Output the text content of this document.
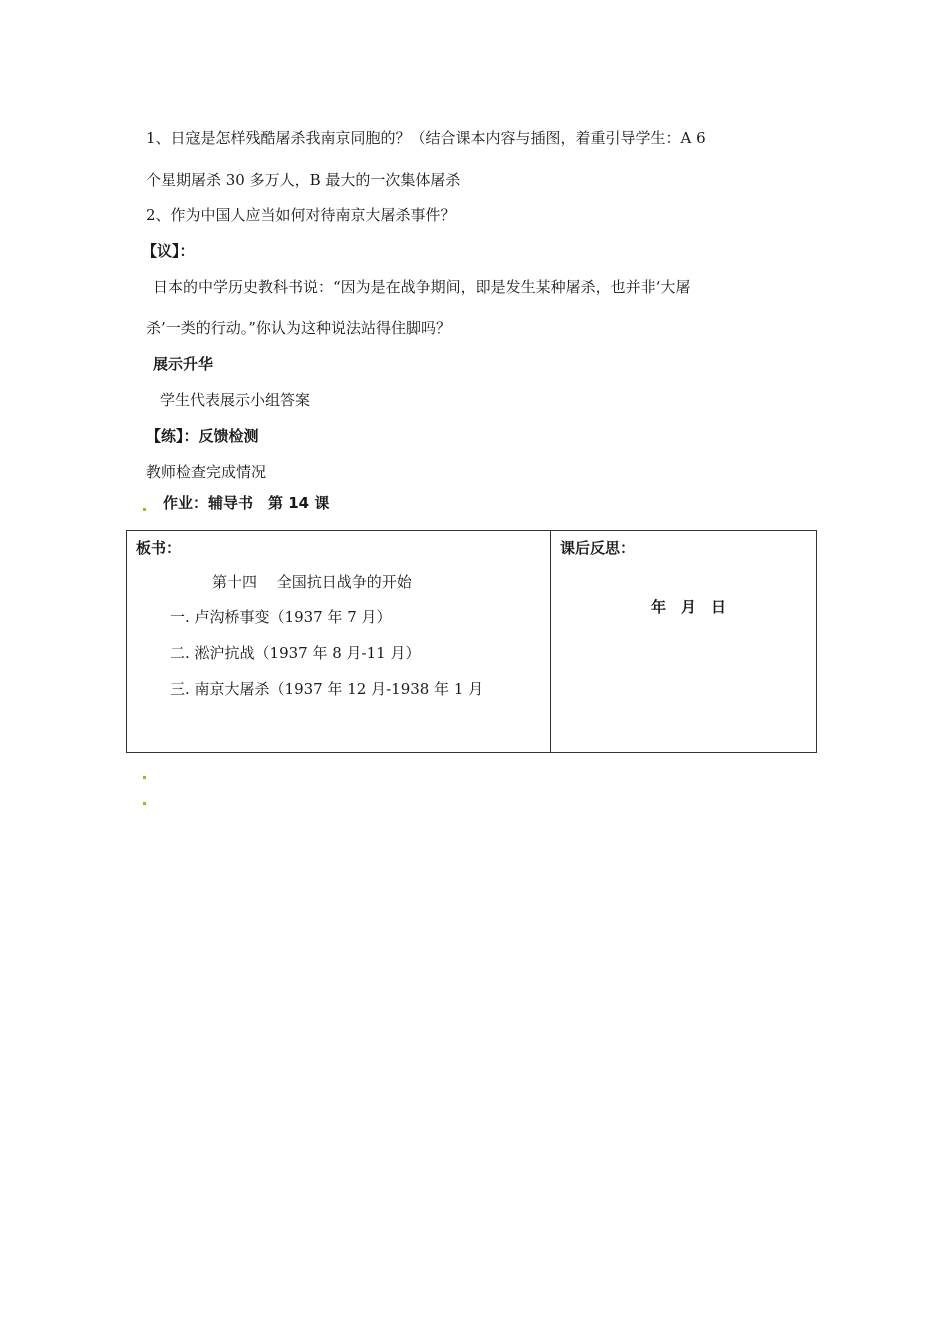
1、日寇是怎样残酷屠杀我南京同胞的？（结合课本内容与插图，着重引导学生：A 6
个星期屠杀 30 多万人，B 最大的一次集体屠杀
2、作为中国人应当如何对待南京大屠杀事件？
【议】：
日本的中学历史教科书说：“因为是在战争期间，即是发生某种屠杀，也并非‘大屠
杀’一类的行动。”你认为这种说法站得住脚吗？
展示升华
学生代表展示小组答案
【练】：反馈检测
教师检查完成情况
作业：辅导书　第 14 课
板书：
第十四　 全国抗日战争的开始
一. 卢沟桥事变（1937 年 7 月）
二. 淞沪抗战（1937 年 8 月-11 月）
三. 南京大屠杀（1937 年 12 月-1938 年 1 月

课后反思：
年　月　日
